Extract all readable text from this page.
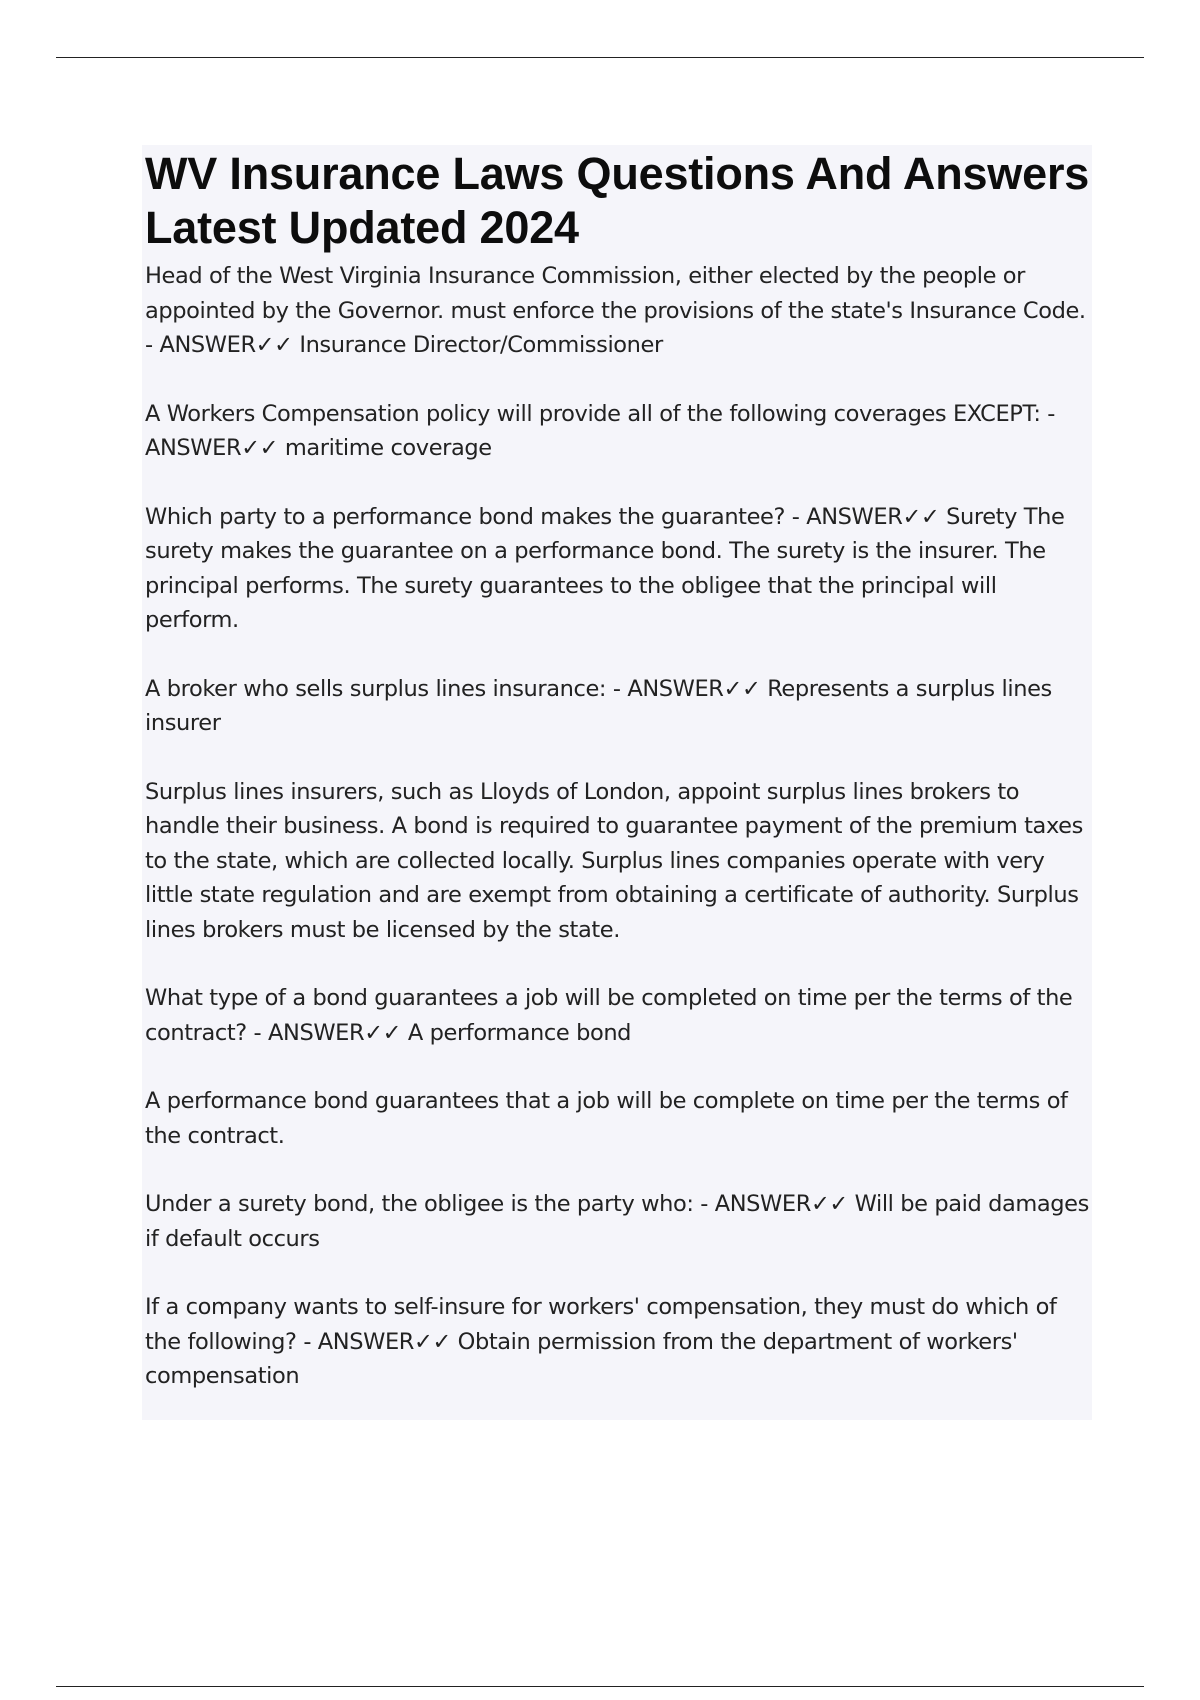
WV Insurance Laws Questions And Answers Latest Updated 2024

Head of the West Virginia Insurance Commission, either elected by the people or appointed by the Governor. must enforce the provisions of the state's Insurance Code. - ANSWER✓✓ Insurance Director/Commissioner

A Workers Compensation policy will provide all of the following coverages EXCEPT: - ANSWER✓✓ maritime coverage

Which party to a performance bond makes the guarantee? - ANSWER✓✓ Surety The surety makes the guarantee on a performance bond. The surety is the insurer. The principal performs. The surety guarantees to the obligee that the principal will perform.

A broker who sells surplus lines insurance: - ANSWER✓✓ Represents a surplus lines insurer

Surplus lines insurers, such as Lloyds of London, appoint surplus lines brokers to handle their business. A bond is required to guarantee payment of the premium taxes to the state, which are collected locally. Surplus lines companies operate with very little state regulation and are exempt from obtaining a certificate of authority. Surplus lines brokers must be licensed by the state.

What type of a bond guarantees a job will be completed on time per the terms of the contract? - ANSWER✓✓ A performance bond

A performance bond guarantees that a job will be complete on time per the terms of the contract.

Under a surety bond, the obligee is the party who: - ANSWER✓✓ Will be paid damages if default occurs

If a company wants to self-insure for workers' compensation, they must do which of the following? - ANSWER✓✓ Obtain permission from the department of workers' compensation
